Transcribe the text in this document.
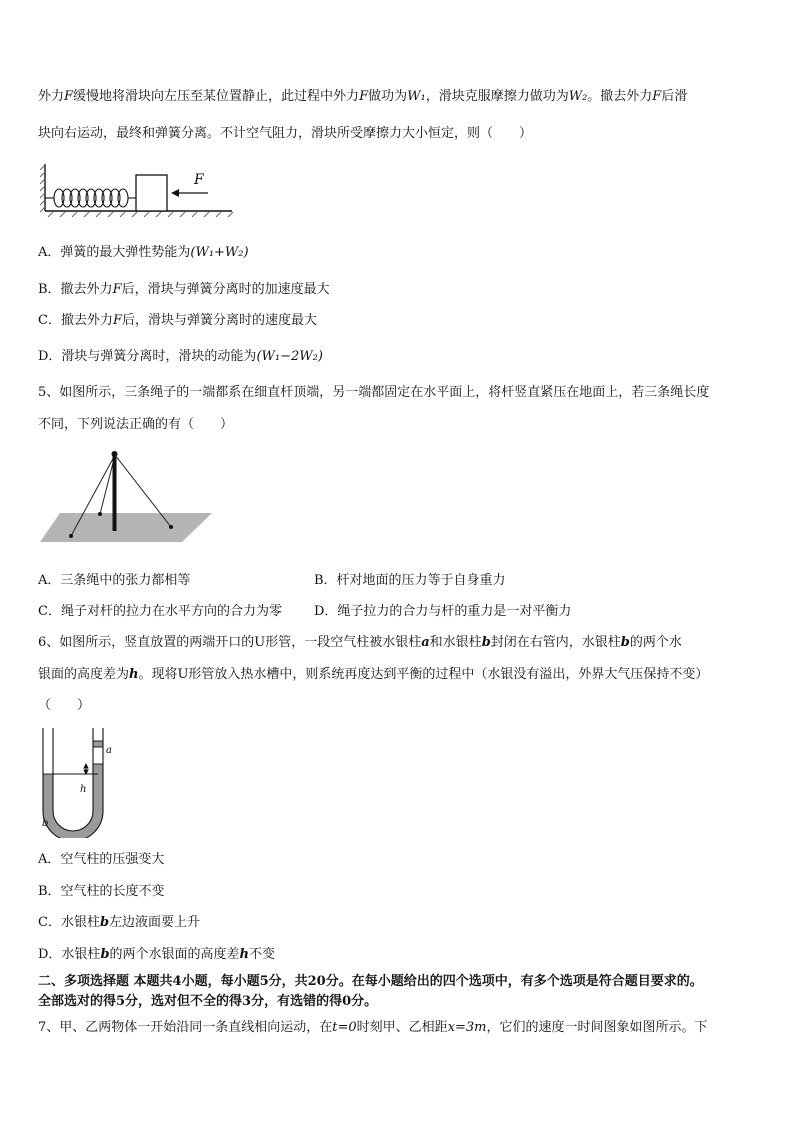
外力F缓慢地将滑块向左压至某位置静止，此过程中外力F做功为W₁，滑块克服摩擦力做功为W₂。撤去外力F后滑
块向右运动，最终和弹簧分离。不计空气阻力，滑块所受摩擦力大小恒定，则（　　）
F
A．弹簧的最大弹性势能为(W₁+W₂)
B．撤去外力F后，滑块与弹簧分离时的加速度最大
C．撤去外力F后，滑块与弹簧分离时的速度最大
D．滑块与弹簧分离时，滑块的动能为(W₁−2W₂)
5、如图所示，三条绳子的一端都系在细直杆顶端，另一端都固定在水平面上，将杆竖直紧压在地面上，若三条绳长度
不同，下列说法正确的有（　　）
A．三条绳中的张力都相等	B．杆对地面的压力等于自身重力
C．绳子对杆的拉力在水平方向的合力为零 D．绳子拉力的合力与杆的重力是一对平衡力
6、如图所示，竖直放置的两端开口的U形管，一段空气柱被水银柱a和水银柱b封闭在右管内，水银柱b的两个水
银面的高度差为h。现将U形管放入热水槽中，则系统再度达到平衡的过程中（水银没有溢出，外界大气压保持不变）
（　　）
h
a
b
A．空气柱的压强变大
B．空气柱的长度不变
C．水银柱b左边液面要上升
D．水银柱b的两个水银面的高度差h不变
二、多项选择题 本题共4小题，每小题5分，共20分。在每小题给出的四个选项中，有多个选项是符合题目要求的。
全部选对的得5分，选对但不全的得3分，有选错的得0分。
7、甲、乙两物体一开始沿同一条直线相向运动，在t=0时刻甲、乙相距x=3m，它们的速度一时间图象如图所示。下
